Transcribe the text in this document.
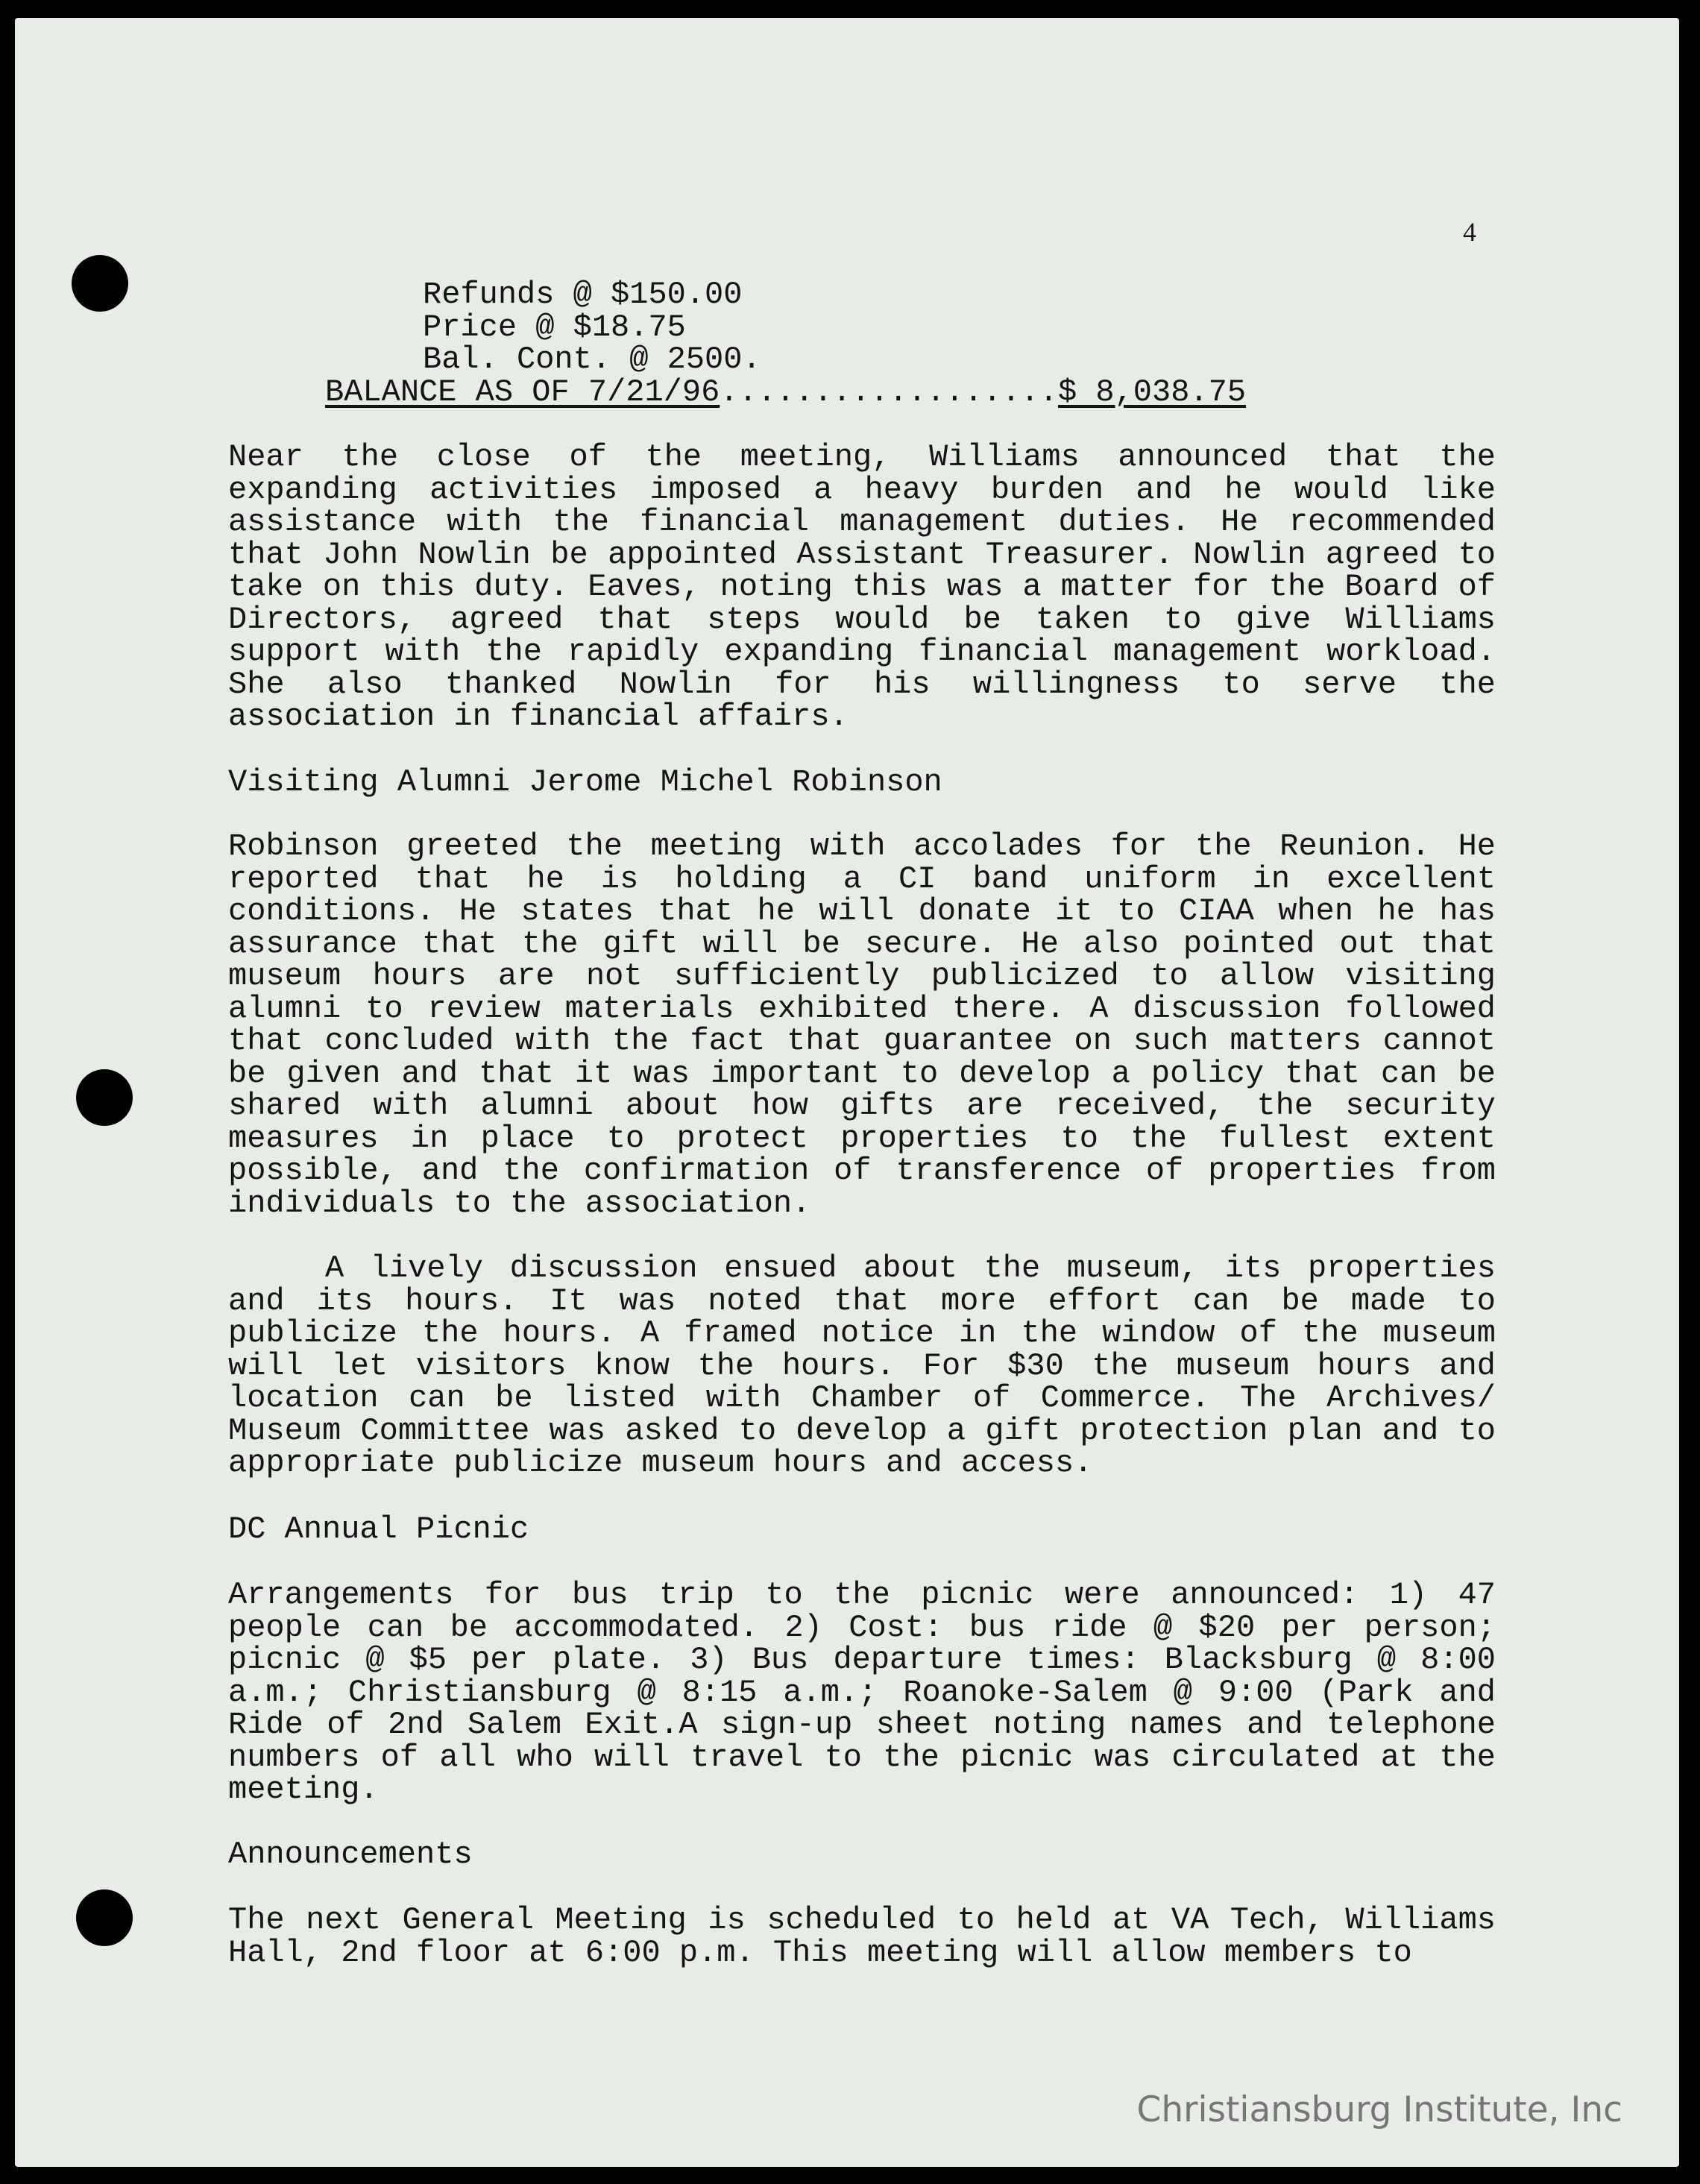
4
Refunds @ $150.00
Price @ $18.75
Bal. Cont. @ 2500.
BALANCE AS OF 7/21/96..................$ 8,038.75

Near the close of the meeting, Williams announced that the expanding activities imposed a heavy burden and he would like assistance with the financial management duties. He recommended that John Nowlin be appointed Assistant Treasurer. Nowlin agreed to take on this duty. Eaves, noting this was a matter for the Board of Directors, agreed that steps would be taken to give Williams support with the rapidly expanding financial management workload. She also thanked Nowlin for his willingness to serve the association in financial affairs.

Visiting Alumni Jerome Michel Robinson

Robinson greeted the meeting with accolades for the Reunion. He reported that he is holding a CI band uniform in excellent conditions. He states that he will donate it to CIAA when he has assurance that the gift will be secure. He also pointed out that museum hours are not sufficiently publicized to allow visiting alumni to review materials exhibited there. A discussion followed that concluded with the fact that guarantee on such matters cannot be given and that it was important to develop a policy that can be shared with alumni about how gifts are received, the security measures in place to protect properties to the fullest extent possible, and the confirmation of transference of properties from individuals to the association.

A lively discussion ensued about the museum, its properties and its hours. It was noted that more effort can be made to publicize the hours. A framed notice in the window of the museum will let visitors know the hours. For $30 the museum hours and location can be listed with Chamber of Commerce. The Archives/ Museum Committee was asked to develop a gift protection plan and to appropriate publicize museum hours and access.

DC Annual Picnic

Arrangements for bus trip to the picnic were announced: 1) 47 people can be accommodated. 2) Cost: bus ride @ $20 per person; picnic @ $5 per plate. 3) Bus departure times: Blacksburg @ 8:00 a.m.; Christiansburg @ 8:15 a.m.; Roanoke-Salem @ 9:00 (Park and Ride of 2nd Salem Exit.A sign-up sheet noting names and telephone numbers of all who will travel to the picnic was circulated at the meeting.

Announcements

The next General Meeting is scheduled to held at VA Tech, Williams Hall, 2nd floor at 6:00 p.m. This meeting will allow members to

Christiansburg Institute, Inc
